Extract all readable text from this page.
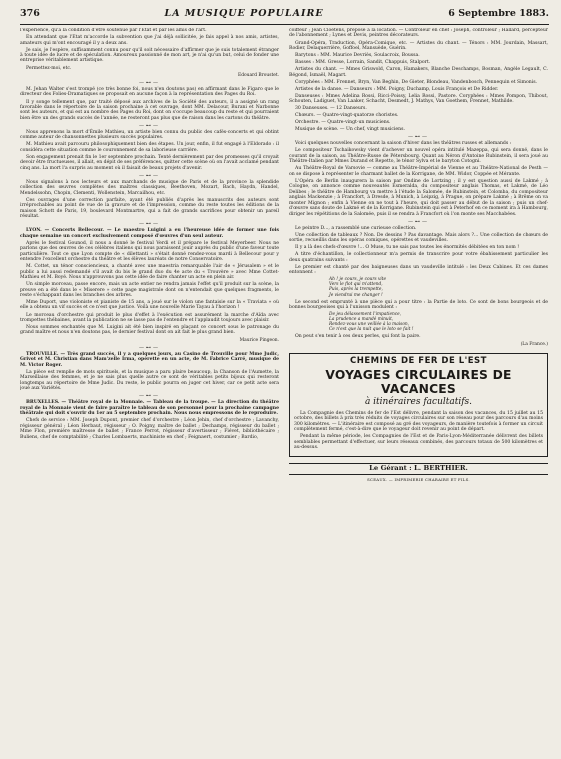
376	LA MUSIQUE POPULAIRE	6 Septembre 1883.

l'expérience, qu'à la condition d'être soutenue par l'Etat et par les amis de l'art.

En attendant que l'Etat m'accorde la subvention que j'ai déjà sollicitée, je fais appel à nos amis, artistes, amateurs qui m'ont encouragé il y a deux ans.

Je sais, je l'espère, suffisamment connu pour qu'il soit nécessaire d'affirmer que je suis totalement étranger à toute idée de lucre et de spéculation. Amoureux passionné de mon art, je n'ai qu'un but, celui de fonder une entreprise véritablement artistique.

Permettez-moi, etc.

Edouard Broustet.
—⊷—

M. Jehan Walter s'est trompé (ce très bonne foi, nous n'en doutons pas) en affirmant dans le Figaro que le directeur des Folies-Dramatiques se proposait en aucune façon à la représentation des Pages du Roi.

Il y songe tellement que, par traité déposé aux archives de la Société des auteurs, il a assigné un rang favorable dans le répertoire de la saison prochaine à cet ouvrage, dont MM. Delacour, Burani et Narbonne sont les auteurs, et qui est au nombre des Pages du Roi, dont on s'occupe beaucoup du reste et qui pourraient bien être un des grands succès de l'année, ne resteront pas plus que de raison dans les cartons du théâtre.

—⊷—

Nous apprenons la mort d'Émile Mathieu, un artiste bien connu du public des cafés-concerts et qui obtint comme auteur de chansonnettes plusieurs succès populaires.

M. Mathieu avait parcouru philosophiquement bien des étapes. Un jour, enfin, il fut engagé à l'Eldorado : il considéra cette situation comme le couronnement de sa laborieuse carrière.

Son engagement prenait fin le 1er septembre prochain. Tenté dernièrement par des promesses qu'il croyait devoir être fructueuses, il allait, en dépit de ses préférences, quitter cette scène où on l'avait acclamé pendant cinq ans. La mort l'a surpris au moment où il faisait de beaux projets d'avenir.

—⊷—

Nous signalons à nos lecteurs et aux marchands de musique de Paris et de la province la splendide collection des œuvres complètes des maîtres classiques, Beethoven, Mozart, Bach, Haydn, Handel, Mendelssohn, Chopin, Clementi, Wollenstein, Marcailhou, etc.

Ces ouvrages d'une correction parfaite, ayant été publiés d'après les manuscrits des auteurs sont irréprochables au point de vue de la gravure et de l'impression, comme du reste toutes les éditions de la maison Schott de Paris, 19, boulevard Montmartre, qui a fait de grands sacrifices pour obtenir un pareil résultat.

—⊷—

LYON. — Concerts Bellecour. — Le maestro Luigini a eu l'heureuse idée de former une fois chaque semaine un concert exclusivement composé d'œuvres d'un seul auteur.

Après le festival Gounod, il nous a donné le festival Verdi et il prépare le festival Meyerbeer. Nous ne parlons que des œuvres de ces célèbres italiens qui nous paraissent jouir auprès du public d'une faveur toute particulière. Tout ce que Lyon compte de « dilettanti » s'était donné rendez-vous mardi à Bellecour pour y entendre l'excellent orchestre du théâtre et les élèves lauréats de notre Conservatoire.

M. Cottet, un ténor consciencieux, a chanté avec une maestria remarquable l'air de « Jérusalem » et le public a lui aussi redemandé s'il avait du bis le grand duo du 4e acte du « Trouvère » avec Mme Cottet-Mathieu et M. Boyé. Nous n'approuvons pas cette idée de faire chanter un acte en plein air.

Un simple morceau, passe encore, mais un acte entier ne rendra jamais l'effet qu'il produit sur la scène, la preuve en a été dans le « Miserere » cette page magistrale dont on n'entendait que quelques fragments, le reste s'échappant dans les branches des arbres.

Mme Duport, une violoniste et pianiste de 15 ans, a joué sur le violon une fantaisie sur la « Traviata » où elle a obtenu un vif succès et ce n'est que justice. Voilà une nouvelle Marie Tayau à l'horizon !

Le morceau d'orchestre qui produit le plus d'effet à l'exécution est assurément la marche d'Aïda avec trompettes thébaines, avant la publication ne se lasse pas de l'entendre et l'applaudit toujours avec plaisir.

Nous sommes enchantés que M. Luigini ait été bien inspiré en plaçant ce concert sous le patronage du grand maître et nous n'en doutons pas, le dernier festival dont on ait fait le plus grand bien.

Maurice Pingeon.
—⊷—

TROUVILLE. — Très grand succès, il y a quelques jours, au Casino de Trouville pour Mme Judic, Grivot et M. Christian dans Mam'zelle Irma, opérette en un acte, de M. Fabrice Carré, musique de M. Victor Roger.

La pièce est remplie de mots spirituels, et la musique a paru plaire beaucoup, la Chanson de l'Aumette, la Marseillaise des femmes, et je ne sais plus quelle autre ce sont de véritables petits bijoux qui resteront longtemps au répertoire de Mme Judic. Du reste, le public pourra en juger cet hiver, car ce petit acte sera joué aux Variétés.

—⊷—

BRUXELLES. — Théâtre royal de la Monnaie. — Tableau de la troupe. — La direction du théâtre royal de la Monnaie vient de faire paraître le tableau de son personnel pour la prochaine campagne théâtrale qui doit s'ouvrir du 1er au 5 septembre prochain. Nous nous empressons de le reproduire.

Chefs de service : MM. Joseph Dupont, premier chef d'orchestre ; Léon Jehin, chef d'orchestre ; Lavanchy, régisseur général ; Léon Herbaut, régisseur ; O. Poigny, maître de ballet ; Dechamps, régisseur du ballet ; Mme Flon, première maîtresse de ballet ; France Perrot, régisseur d'avertisseur ; Fiévet, bibliothécaire ; Buliens, chef de comptabilité ; Charles Lombaerts, machiniste en chef ; Feignaert, costumier ; Bardio,

coiffeur ; Jean Cloetens, préposé à la location. — Contrôleur en chef : Joseph, contrôleur ; Hallard, percepteur de l'abonnement ; Lynes et Devis, peintres décorateurs.

Grand-Opéra, Traduction, Opéra-Comique, etc. — Artistes du chant. — Ténors : MM. Jourdain, Massart, Rodier, Delaquerrière, Goffoel, Mansuède, Guérin.

Barytons : MM. Maurice Devriès, Soulacroix, Boussa.

Basses : MM. Gresse, Lorrain, Sandit, Chappuis, Stalport.

Artistes du chant. — Mmes Griswold, Caron, Hamakers, Blanche Deschamps, Bosman, Angèle Legault, C. Bégond, Ismaël, Magart.

Coryphées : MM. Frennet, Bryn, Van Beghin, De Gieter, Blondeau, Vandenbosch, Pennequin et Simonis.

Artistes de la danse. — Danseurs : MM. Poigny, Duchamp, Louis François et De Ridder.

Danseuses : Mmes Adelina Rossi, Ricci-Poissy, Lelia Rossi, Pastore. Coryphées : Mmes Pompon, Thibout, Schouten, Ladiguet, Van Laaker, Schacht, Desmedt, J. Mathys, Van Goethem, Frennet, Mathilde.

30 Danseuses. — 12 Danseurs.

Chœurs. — Quatre-vingt-quatorze choristes.

Orchestre. — Quatre-vingt-un musiciens.

Musique de scène. — Un chef, vingt musiciens.

—⊷—

Voici quelques nouvelles concernant la saison d'hiver dans les théâtres russes et allemands :

Le compositeur Tschaikowsky vient d'achever un nouvel opéra intitulé Mazeppa, qui sera donné, dans le courant de la saison, au Théâtre-Russe de Pétersbourg. Quant au Néron d'Antoine Rubinstein, il sera joué au Théâtre-Italien par Mmes Durand et Repetto, le ténor Sylva et le baryton Cotogni.

Au Théâtre-Royal de Varsovie — comme au Théâtre-Impérial de Vienne et au Théâtre-National de Pesth — on se dispose à représenter le charmant ballet de la Korrigane, de MM. Widor, Coppée et Mérante.

L'Opéra de Berlin inaugurera la saison par Ondine de Lortzing ; il y est question aussi de Lakmé ; à Cologne, on annonce comme nouveautés Esmeralda, du compositeur anglais Thomas, et Lakmé, de Léo Delibes ; le théâtre de Hambourg va mettre à l'étude la Salomée, de Rubinstein, et Colomba, du compositeur anglais Mackenzie ; à Francfort, à Dresde, à Munich, à Leipzig, à Prague, on prépare Lakmé ; à Brême on va monter Mignon ; enfin à Vienne on ne tout à l'heure, qui doit passer au début de la saison ; puis un chef-d'œuvre sans doute de Lakmé et de la Korrigane. Rubinstein qui est à Peterhof en ce moment ira à Hambourg, diriger les répétitions de la Salomée, puis il se rendra à Francfort où l'on monte ses Macchabées.

—⊷—

Le peintre D..., a rassemblé une curieuse collection.

Une collection de tableaux ? Non. De dessins ? Pas davantage. Mais alors ?... Une collection de chœurs de sortie, recueillis dans les opéras comiques, opérettes et vaudevilles.

Il y a là des chefs-d'œuvre !... O Muse, tu ne sais pas toutes les énormités débitées en ton nom !

A titre d'échantillon, le collectionneur m'a permis de transcrire pour votre ébahissement particulier les deux quatrains suivants :

Le premier est chanté par des baigneuses dans un vaudeville intitulé : les Deux Cabines. Et ces dames entonnent :

Ah ! je cours, je cours vite
Vers le flot qui m'attend,
Puis, après la trempette,
Je viendrai me changer !

Le second est emprunté à une pièce qui a pour titre : la Partie de loto. Ce sont de bons bourgeois et de bonnes bourgeoises qui à l'unisson modulent :

De jeu délassement l'impatience,
La prudence a mandé minuit,
Rendez-vous une veillée à la maison,
Ce n'est que la nuit que le loto se fait !

On peut s'en tenir à ces deux perles, qui font la paire.

(La France.)
CHEMINS DE FER DE L'EST
VOYAGES CIRCULAIRES DE VACANCES
à itinéraires facultatifs.

La Compagnie des Chemins de fer de l'Est délivre, pendant la saison des vacances, du 15 juillet au 15 octobre, des billets à prix très réduits de voyages circulaires sur son réseau pour des parcours d'au moins 300 kilomètres. — L'itinéraire est composé au gré des voyageurs, de manière toutefois à former un circuit complètement fermé, c'est-à-dire que le voyageur doit revenir au point de départ.

Pendant la même période, les Compagnies de l'Est et de Paris-Lyon-Méditerranée délivrent des billets semblables permettant d'effectuer, sur leurs réseaux combinés, des parcours totaux de 500 kilomètres et au-dessus.

Le Gérant : L. BERTHIER.
SCEAUX. — IMPRIMERIE CHARAIRE ET FILS.
